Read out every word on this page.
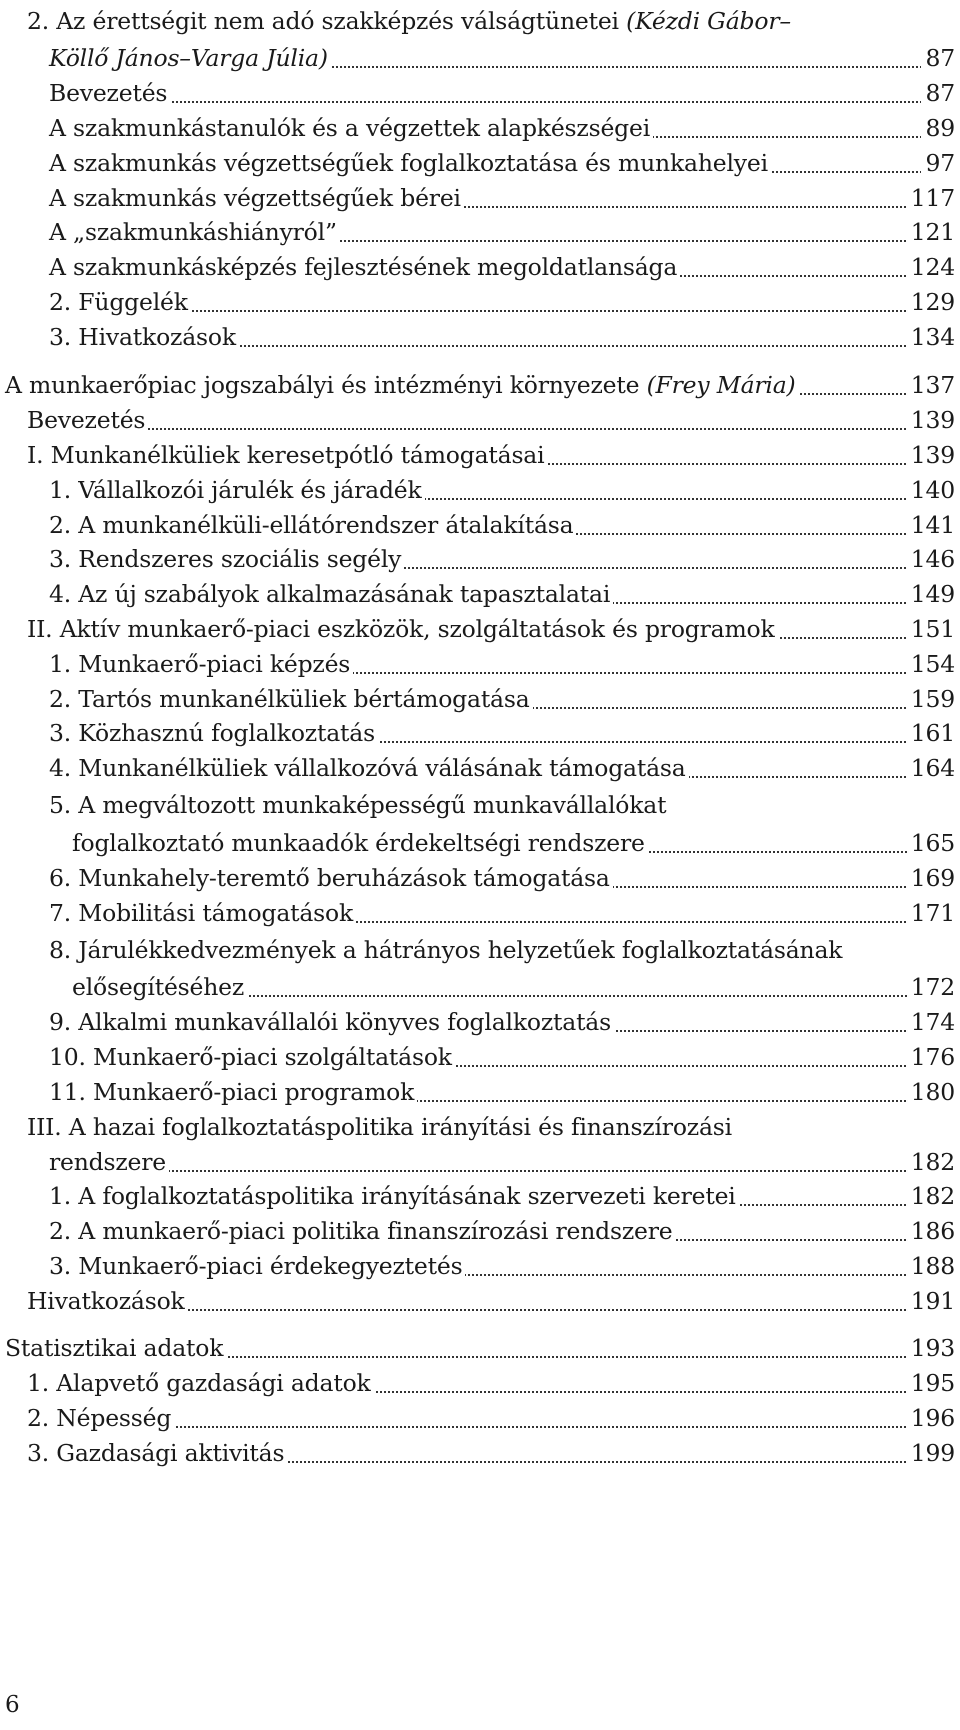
2. Az érettségit nem adó szakképzés válságtünetei (Kézdi Gábor–
Köllő János–Varga Júlia)	87
Bevezetés	87
A szakmunkástanulók és a végzettek alapkészségei	89
A szakmunkás végzettségűek foglalkoztatása és munkahelyei	97
A szakmunkás végzettségűek bérei	117
A „szakmunkáshiányról”	121
A szakmunkásképzés fejlesztésének megoldatlansága	124
2. Függelék	129
3. Hivatkozások	134
A munkaerőpiac jogszabályi és intézményi környezete (Frey Mária)	137
Bevezetés	139
I. Munkanélküliek keresetpótló támogatásai	139
1. Vállalkozói járulék és járadék	140
2. A munkanélküli-ellátórendszer átalakítása	141
3. Rendszeres szociális segély	146
4. Az új szabályok alkalmazásának tapasztalatai	149
II. Aktív munkaerő-piaci eszközök, szolgáltatások és programok	151
1. Munkaerő-piaci képzés	154
2. Tartós munkanélküliek bértámogatása	159
3. Közhasznú foglalkoztatás	161
4. Munkanélküliek vállalkozóvá válásának támogatása	164
5. A megváltozott munkaképességű munkavállalókat
foglalkoztató munkaadók érdekeltségi rendszere	165
6. Munkahely-teremtő beruházások támogatása	169
7. Mobilitási támogatások	171
8. Járulékkedvezmények a hátrányos helyzetűek foglalkoztatásának
elősegítéséhez	172
9. Alkalmi munkavállalói könyves foglalkoztatás	174
10. Munkaerő-piaci szolgáltatások	176
11. Munkaerő-piaci programok	180
III. A hazai foglalkoztatáspolitika irányítási és finanszírozási
rendszere	182
1. A foglalkoztatáspolitika irányításának szervezeti keretei	182
2. A munkaerő-piaci politika finanszírozási rendszere	186
3. Munkaerő-piaci érdekegyeztetés	188
Hivatkozások	191
Statisztikai adatok	193
1. Alapvető gazdasági adatok	195
2. Népesség	196
3. Gazdasági aktivitás	199
6
